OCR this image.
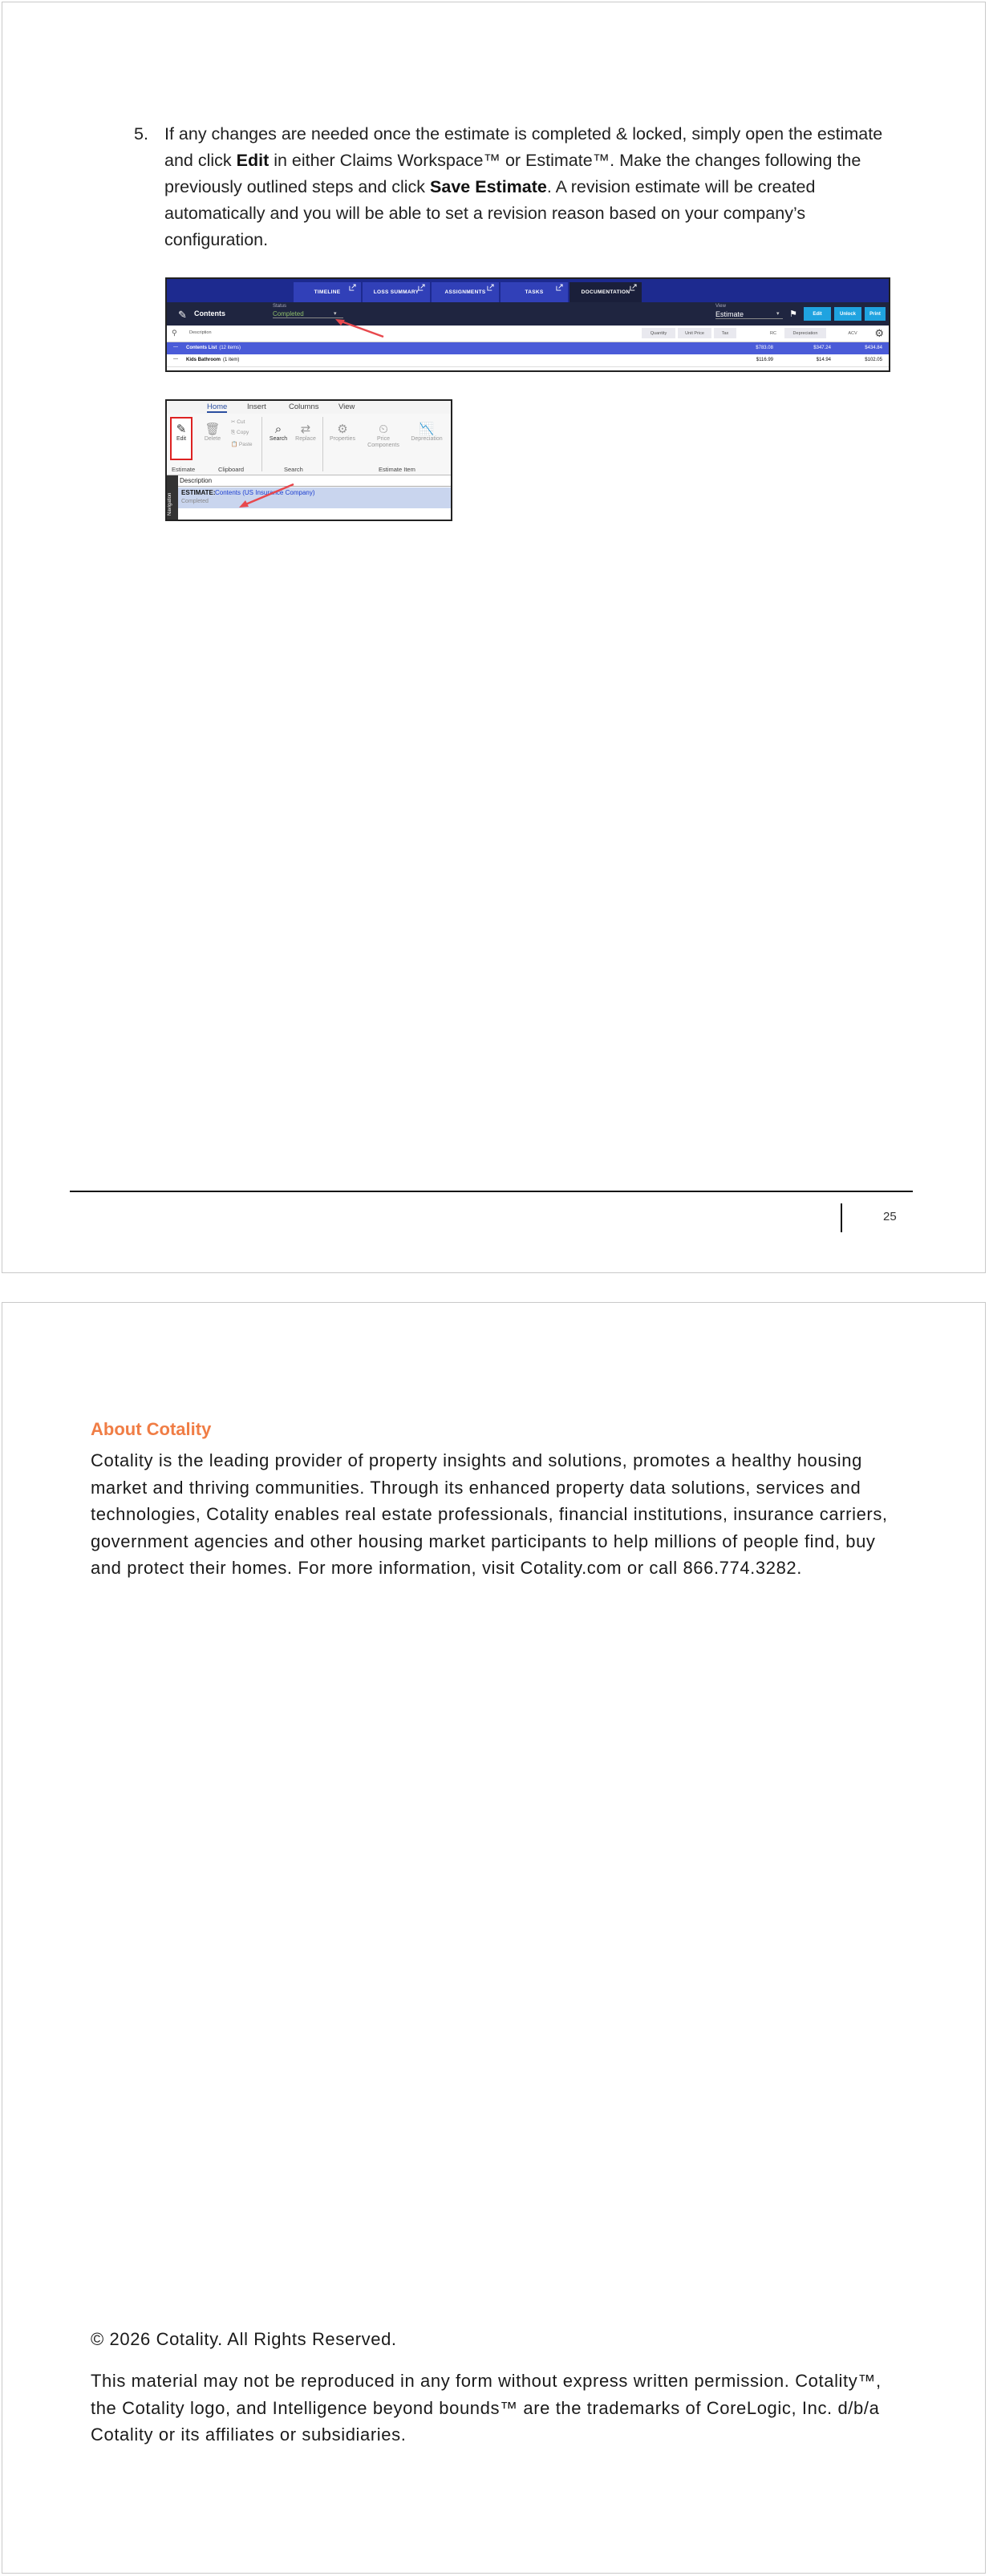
5. If any changes are needed once the estimate is completed & locked, simply open the estimate and click Edit in either Claims Workspace™ or Estimate™. Make the changes following the previously outlined steps and click Save Estimate. A revision estimate will be created automatically and you will be able to set a revision reason based on your company’s configuration.
TIMELINE	LOSS SUMMARY	ASSIGNMENTS	TASKS	DOCUMENTATION
✎ Contents
Status
Completed	▾
View
Estimate	▾ ⚑	Edit	Unlock	Print
⚲	Description	Quantity	Unit Price	Tax	RC	Depreciation	ACV	⚙
— Contents List (12 items)	$783.08	$347.24	$434.84
— Kids Bathroom (1 item)	$116.99	$14.94	$102.05
Home	Insert	Columns	View
✎
Edit
🗑
Delete
✂ Cut
⎘ Copy
📋 Paste
⌕
Search
⇄
Replace
⚙
Properties
⏲
Price Components
📉
Depreciation
Estimate	Clipboard	Search	Estimate Item
Navigation
Description
ESTIMATE: Contents (US Insurance Company)
Completed
25
About Cotality
Cotality is the leading provider of property insights and solutions, promotes a healthy housing market and thriving communities. Through its enhanced property data solutions, services and technologies, Cotality enables real estate professionals, financial institutions, insurance carriers, government agencies and other housing market participants to help millions of people find, buy and protect their homes. For more information, visit Cotality.com or call 866.774.3282.
© 2026 Cotality. All Rights Reserved.
This material may not be reproduced in any form without express written permission. Cotality™, the Cotality logo, and Intelligence beyond bounds™ are the trademarks of CoreLogic, Inc. d/b/a Cotality or its affiliates or subsidiaries.
